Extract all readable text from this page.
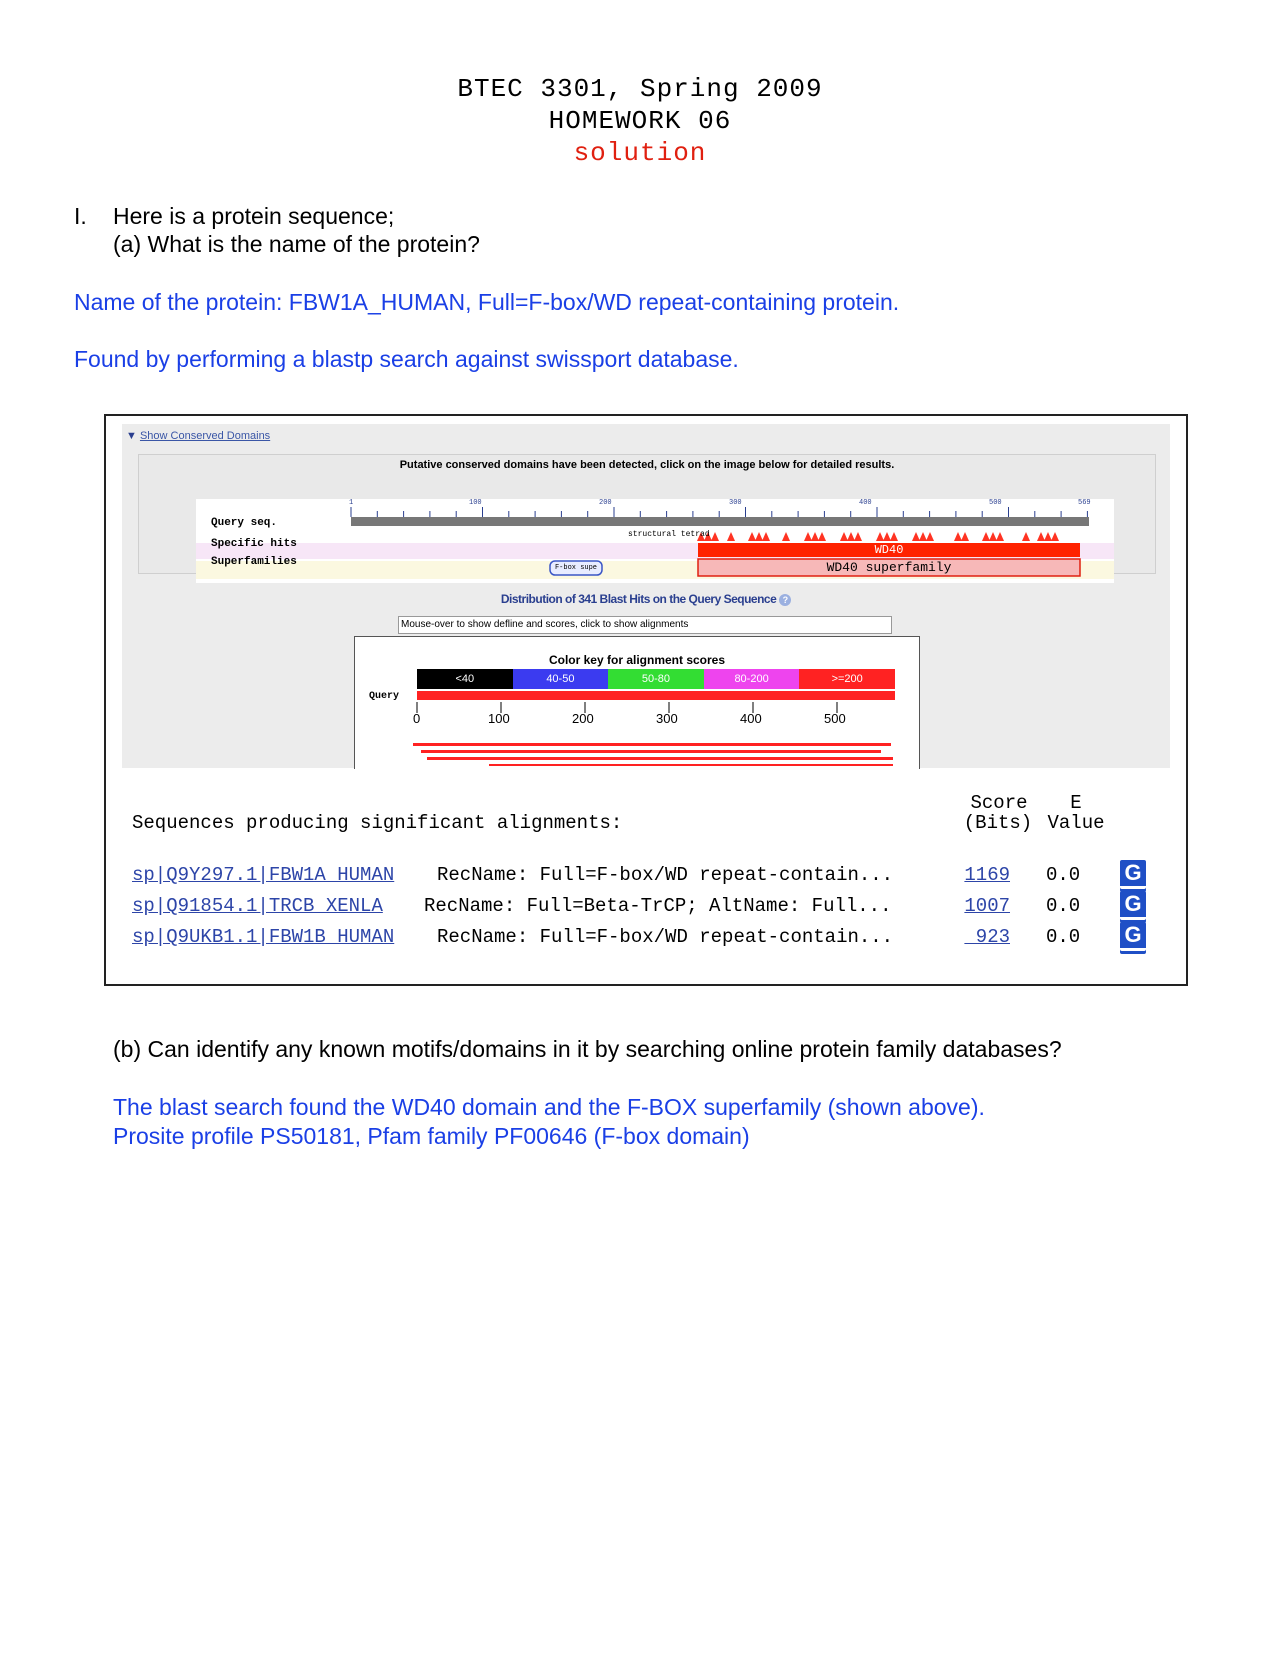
BTEC 3301, Spring 2009
HOMEWORK 06
solution
I. Here is a protein sequence;
(a) What is the name of the protein?
Name of the protein: FBW1A_HUMAN, Full=F-box/WD repeat-containing protein.
Found by performing a blastp search against swissport database.
▼ Show Conserved Domains
Putative conserved domains have been detected, click on the image below for detailed results.
structural tetrad
WD40
WD40 superfamily
F-box supe
1	100	200	300	400	500	569
Query seq.
Specific hits
Superfamilies
Distribution of 341 Blast Hits on the Query Sequence ?
Mouse-over to show defline and scores, click to show alignments
Color key for alignment scores
<40	40-50	50-80	80-200	>=200
Query
0	100	200	300	400	500
Sequences producing significant alignments:
Score
(Bits)
E
Value
sp|Q9Y297.1|FBW1A_HUMAN RecName: Full=F-box/WD repeat-contain...	1169 0.0 G
sp|Q91854.1|TRCB_XENLA RecName: Full=Beta-TrCP; AltName: Full...	1007 0.0 G
sp|Q9UKB1.1|FBW1B_HUMAN RecName: Full=F-box/WD repeat-contain...	923 0.0 G
(b) Can identify any known motifs/domains in it by searching online protein family databases?
The blast search found the WD40 domain and the F-BOX superfamily (shown above).
Prosite profile PS50181, Pfam family PF00646 (F-box domain)
